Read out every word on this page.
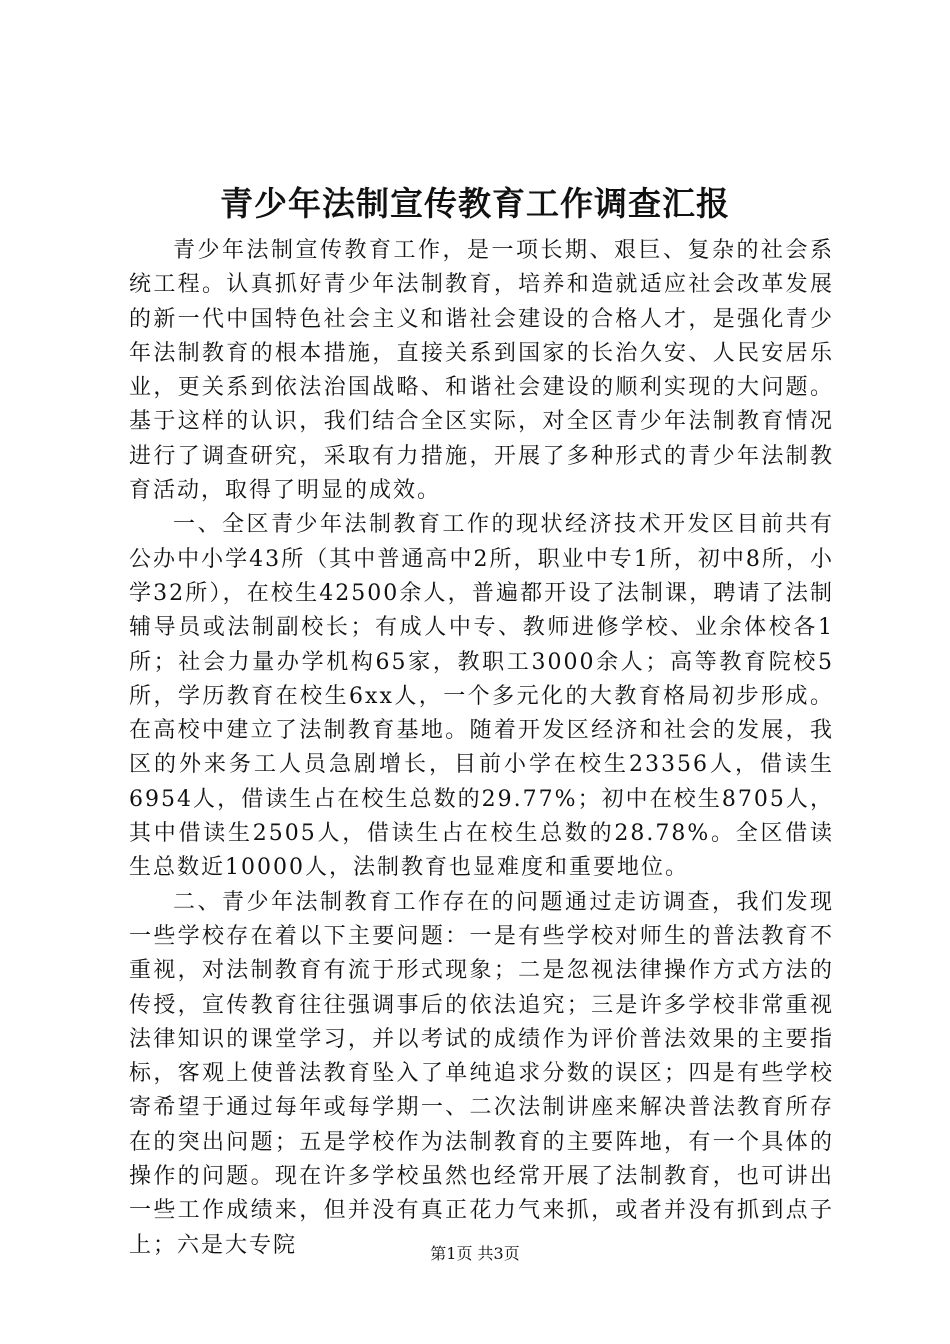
青少年法制宣传教育工作调查汇报

青少年法制宣传教育工作，是一项长期、艰巨、复杂的社会系统工程。认真抓好青少年法制教育，培养和造就适应社会改革发展的新一代中国特色社会主义和谐社会建设的合格人才，是强化青少年法制教育的根本措施，直接关系到国家的长治久安、人民安居乐业，更关系到依法治国战略、和谐社会建设的顺利实现的大问题。基于这样的认识，我们结合全区实际，对全区青少年法制教育情况进行了调查研究，采取有力措施，开展了多种形式的青少年法制教育活动，取得了明显的成效。

一、全区青少年法制教育工作的现状经济技术开发区目前共有公办中小学43所（其中普通高中2所，职业中专1所，初中8所，小学32所），在校生42500余人，普遍都开设了法制课，聘请了法制辅导员或法制副校长；有成人中专、教师进修学校、业余体校各1所；社会力量办学机构65家，教职工3000余人；高等教育院校5所，学历教育在校生6xx人，一个多元化的大教育格局初步形成。在高校中建立了法制教育基地。随着开发区经济和社会的发展，我区的外来务工人员急剧增长，目前小学在校生23356人，借读生6954人，借读生占在校生总数的29.77%；初中在校生8705人，其中借读生2505人，借读生占在校生总数的28.78%。全区借读生总数近10000人，法制教育也显难度和重要地位。

二、青少年法制教育工作存在的问题通过走访调查，我们发现一些学校存在着以下主要问题：一是有些学校对师生的普法教育不重视，对法制教育有流于形式现象；二是忽视法律操作方式方法的传授，宣传教育往往强调事后的依法追究；三是许多学校非常重视法律知识的课堂学习，并以考试的成绩作为评价普法效果的主要指标，客观上使普法教育坠入了单纯追求分数的误区；四是有些学校寄希望于通过每年或每学期一、二次法制讲座来解决普法教育所存在的突出问题；五是学校作为法制教育的主要阵地，有一个具体的操作的问题。现在许多学校虽然也经常开展了法制教育，也可讲出一些工作成绩来，但并没有真正花力气来抓，或者并没有抓到点子上；六是大专院	第1页 共3页
